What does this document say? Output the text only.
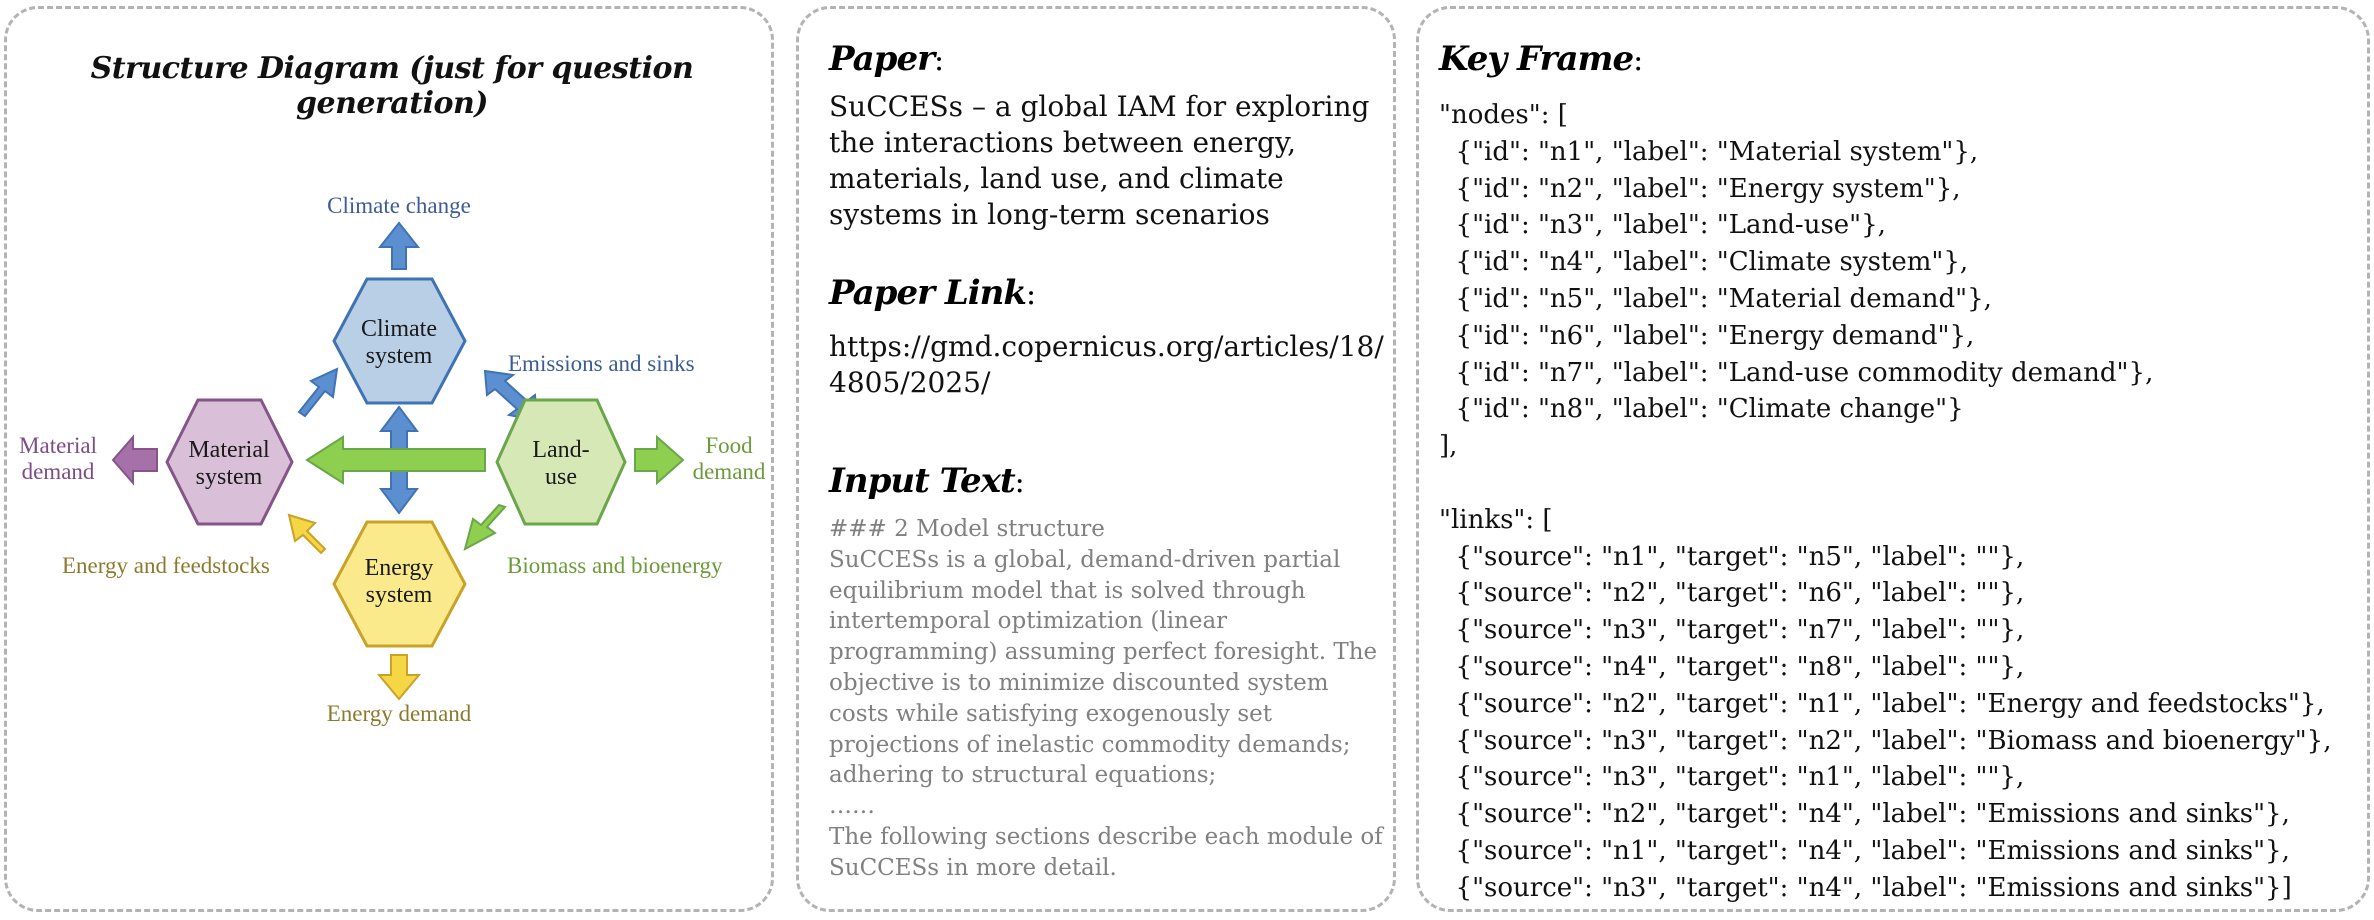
Structure Diagram (just for question generation)
Climate
system
Material
system
Land-
use
Energy
system
Climate change
Emissions and sinks
Material
demand
Food
demand
Energy and feedstocks	Biomass and bioenergy
Energy demand
Paper:
SuCCESs – a global IAM for exploring
the interactions between energy,
materials, land use, and climate
systems in long-term scenarios
Paper Link:
https://gmd.copernicus.org/articles/18/
4805/2025/
Input Text:
### 2 Model structure
SuCCESs is a global, demand-driven partial
equilibrium model that is solved through
intertemporal optimization (linear
programming) assuming perfect foresight. The
objective is to minimize discounted system
costs while satisfying exogenously set
projections of inelastic commodity demands;
adhering to structural equations;
……
The following sections describe each module of
SuCCESs in more detail.
Key Frame:
"nodes": [
{"id": "n1", "label": "Material system"},
{"id": "n2", "label": "Energy system"},
{"id": "n3", "label": "Land-use"},
{"id": "n4", "label": "Climate system"},
{"id": "n5", "label": "Material demand"},
{"id": "n6", "label": "Energy demand"},
{"id": "n7", "label": "Land-use commodity demand"},
{"id": "n8", "label": "Climate change"}
],
"links": [
{"source": "n1", "target": "n5", "label": ""},
{"source": "n2", "target": "n6", "label": ""},
{"source": "n3", "target": "n7", "label": ""},
{"source": "n4", "target": "n8", "label": ""},
{"source": "n2", "target": "n1", "label": "Energy and feedstocks"},
{"source": "n3", "target": "n2", "label": "Biomass and bioenergy"},
{"source": "n3", "target": "n1", "label": ""},
{"source": "n2", "target": "n4", "label": "Emissions and sinks"},
{"source": "n1", "target": "n4", "label": "Emissions and sinks"},
{"source": "n3", "target": "n4", "label": "Emissions and sinks"}]
